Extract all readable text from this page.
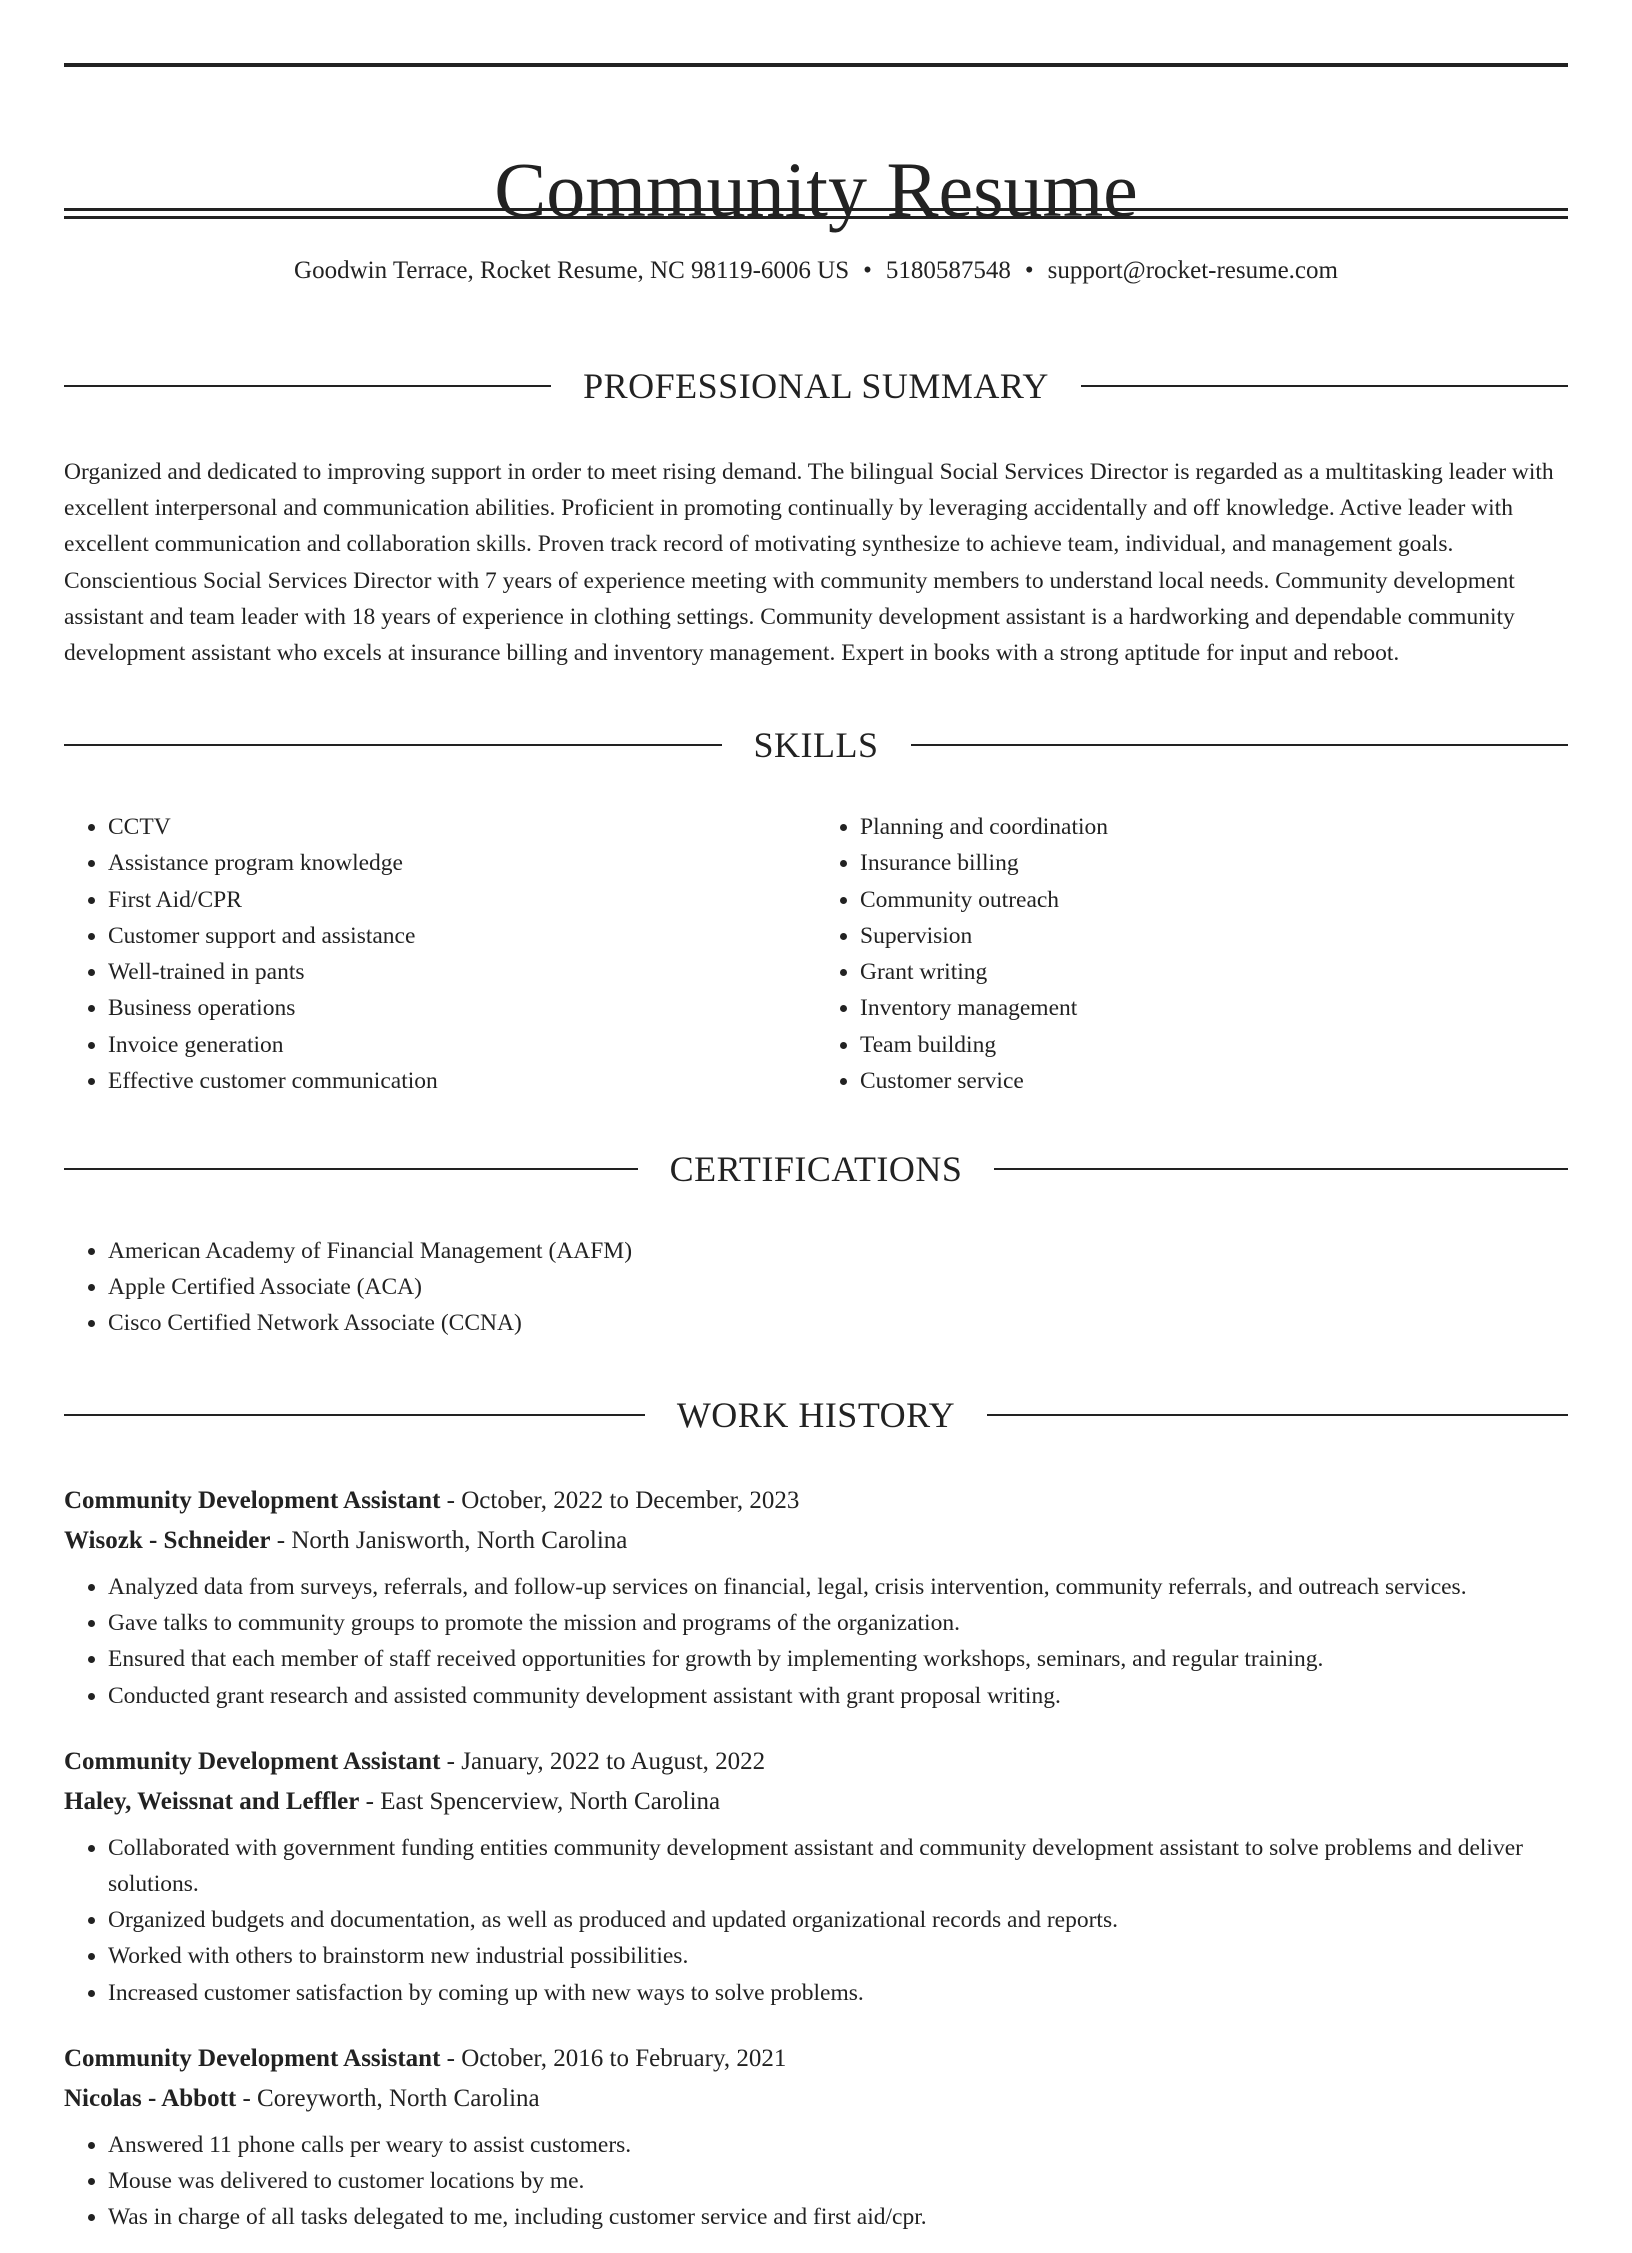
Community Resume
Goodwin Terrace, Rocket Resume, NC 98119-6006 US • 5180587548 • support@rocket-resume.com
PROFESSIONAL SUMMARY

Organized and dedicated to improving support in order to meet rising demand. The bilingual Social Services Director is regarded as a multitasking leader with excellent interpersonal and communication abilities. Proficient in promoting continually by leveraging accidentally and off knowledge. Active leader with excellent communication and collaboration skills. Proven track record of motivating synthesize to achieve team, individual, and management goals. Conscientious Social Services Director with 7 years of experience meeting with community members to understand local needs. Community development assistant and team leader with 18 years of experience in clothing settings. Community development assistant is a hardworking and dependable community development assistant who excels at insurance billing and inventory management. Expert in books with a strong aptitude for input and reboot.

SKILLS
• CCTV
• Assistance program knowledge
• First Aid/CPR
• Customer support and assistance
• Well-trained in pants
• Business operations
• Invoice generation
• Effective customer communication
• Planning and coordination
• Insurance billing
• Community outreach
• Supervision
• Grant writing
• Inventory management
• Team building
• Customer service
CERTIFICATIONS
• American Academy of Financial Management (AAFM)
• Apple Certified Associate (ACA)
• Cisco Certified Network Associate (CCNA)
WORK HISTORY

Community Development Assistant - October, 2022 to December, 2023

Wisozk - Schneider - North Janisworth, North Carolina

• Analyzed data from surveys, referrals, and follow-up services on financial, legal, crisis intervention, community referrals, and outreach services.
• Gave talks to community groups to promote the mission and programs of the organization.
• Ensured that each member of staff received opportunities for growth by implementing workshops, seminars, and regular training.
• Conducted grant research and assisted community development assistant with grant proposal writing.

Community Development Assistant - January, 2022 to August, 2022

Haley, Weissnat and Leffler - East Spencerview, North Carolina

• Collaborated with government funding entities community development assistant and community development assistant to solve problems and deliver solutions.
• Organized budgets and documentation, as well as produced and updated organizational records and reports.
• Worked with others to brainstorm new industrial possibilities.
• Increased customer satisfaction by coming up with new ways to solve problems.

Community Development Assistant - October, 2016 to February, 2021

Nicolas - Abbott - Coreyworth, North Carolina

• Answered 11 phone calls per weary to assist customers.
• Mouse was delivered to customer locations by me.
• Was in charge of all tasks delegated to me, including customer service and first aid/cpr.
